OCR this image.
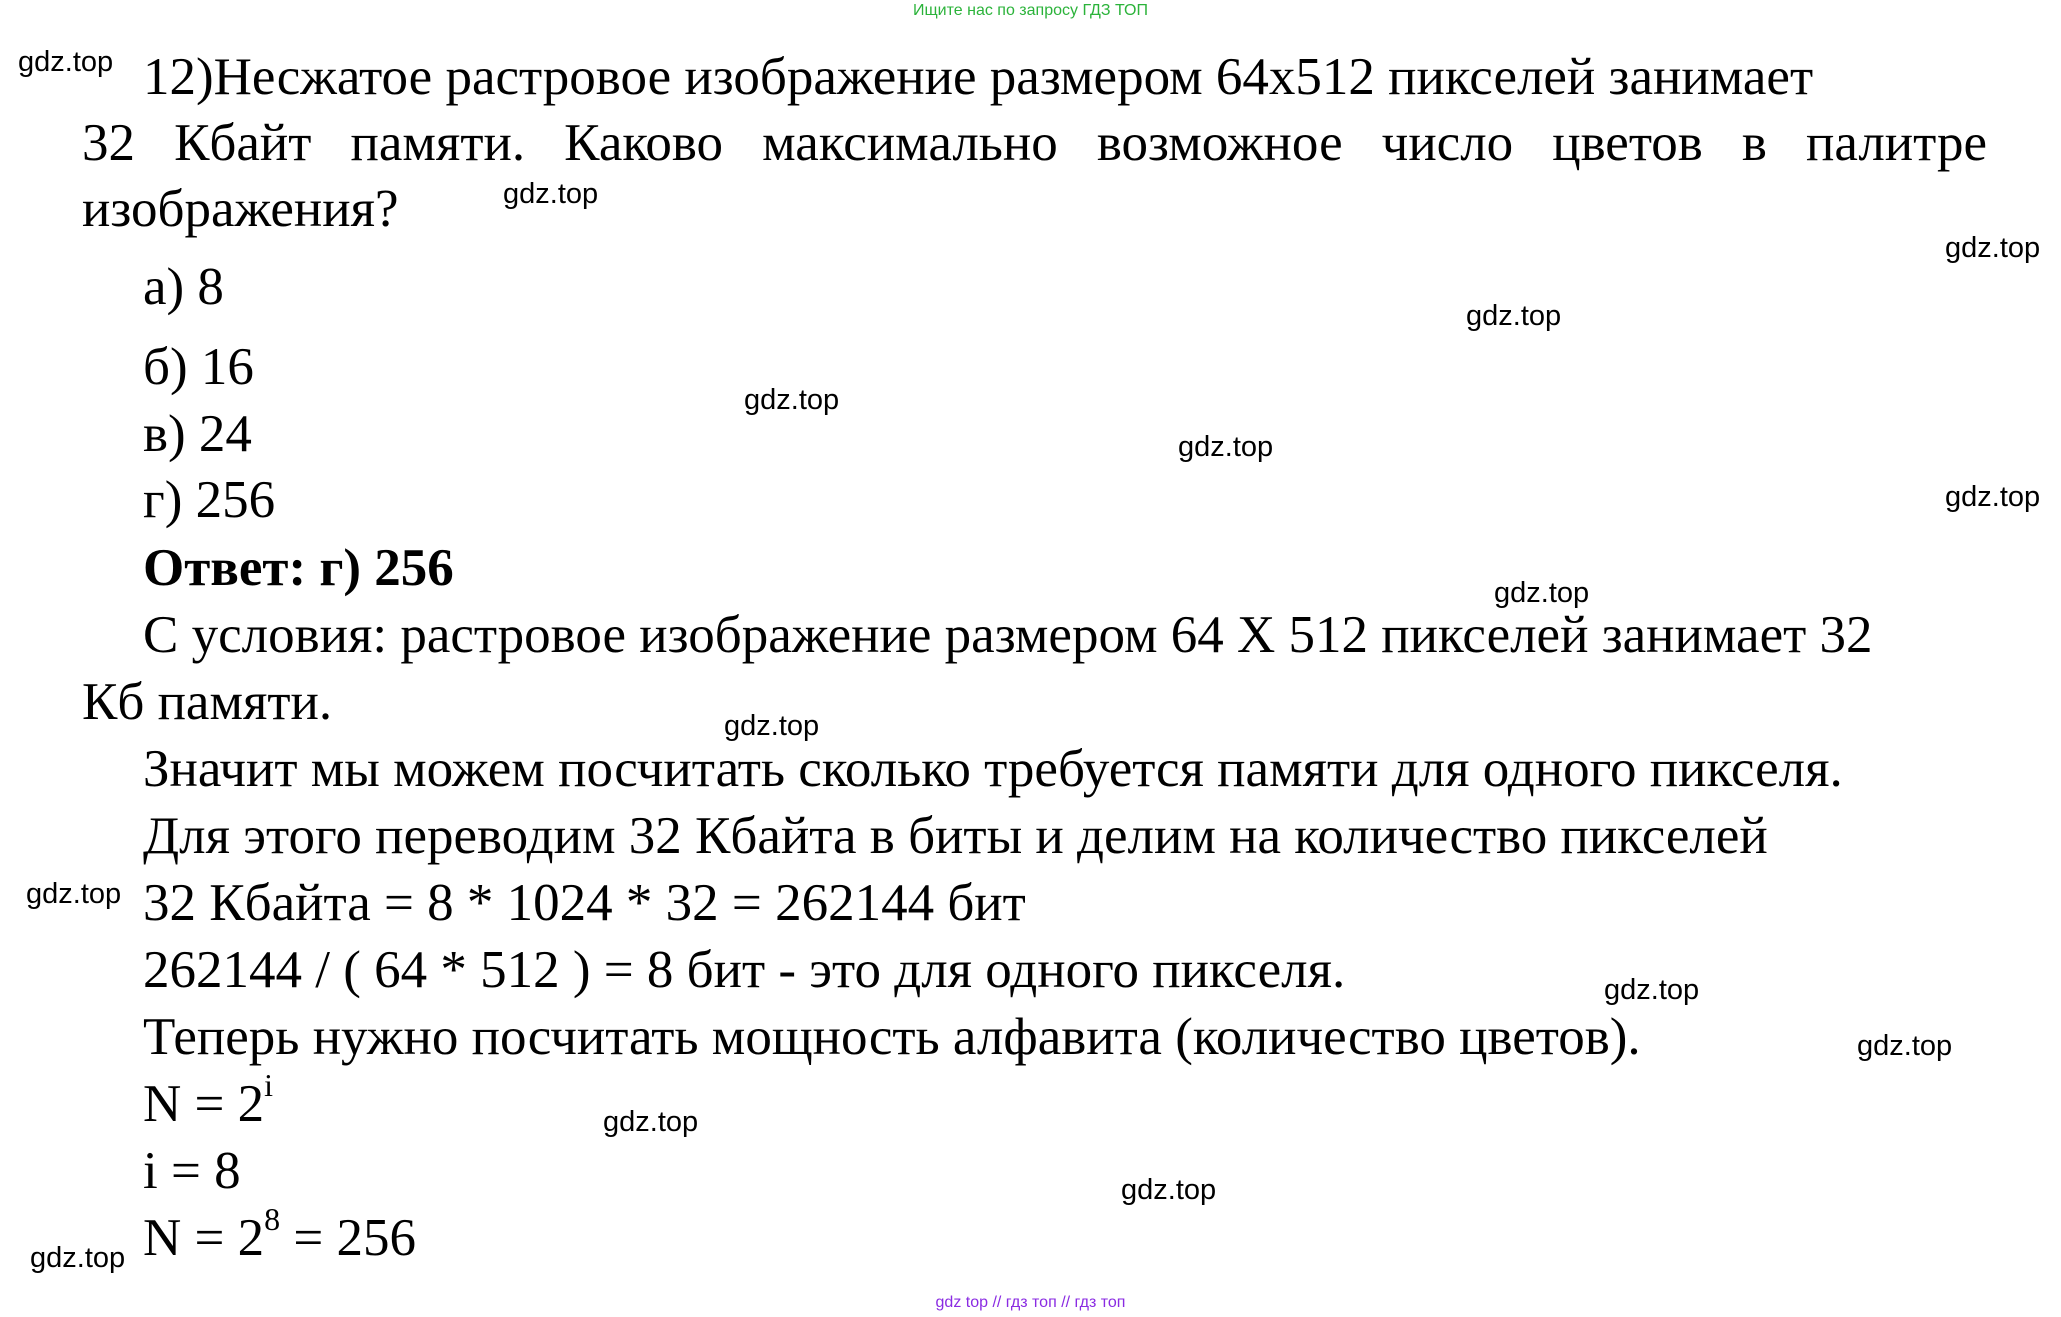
Ищите нас по запросу ГДЗ ТОП
gdz.top
gdz.top
gdz.top
gdz.top
gdz.top
gdz.top
gdz.top
gdz.top
gdz.top
gdz.top
gdz.top
gdz.top
gdz.top
gdz.top
gdz.top
12)Несжатое растровое изображение размером 64x512 пикселей занимает
32 Кбайт памяти. Каково максимально возможное число цветов в палитре
изображения?
а) 8
б) 16
в) 24
г) 256
Ответ: г) 256
С условия: растровое изображение размером 64 X 512 пикселей занимает 32
Кб памяти.
Значит мы можем посчитать сколько требуется памяти для одного пикселя.
Для этого переводим 32 Кбайта в биты и делим на количество пикселей
32 Кбайта = 8 * 1024 * 32 = 262144 бит
262144 / ( 64 * 512 ) = 8 бит - это для одного пикселя.
Теперь нужно посчитать мощность алфавита (количество цветов).
$N = 2^i$
i = 8
$N = 2^8 = 256$
gdz top // гдз топ // гдз топ
